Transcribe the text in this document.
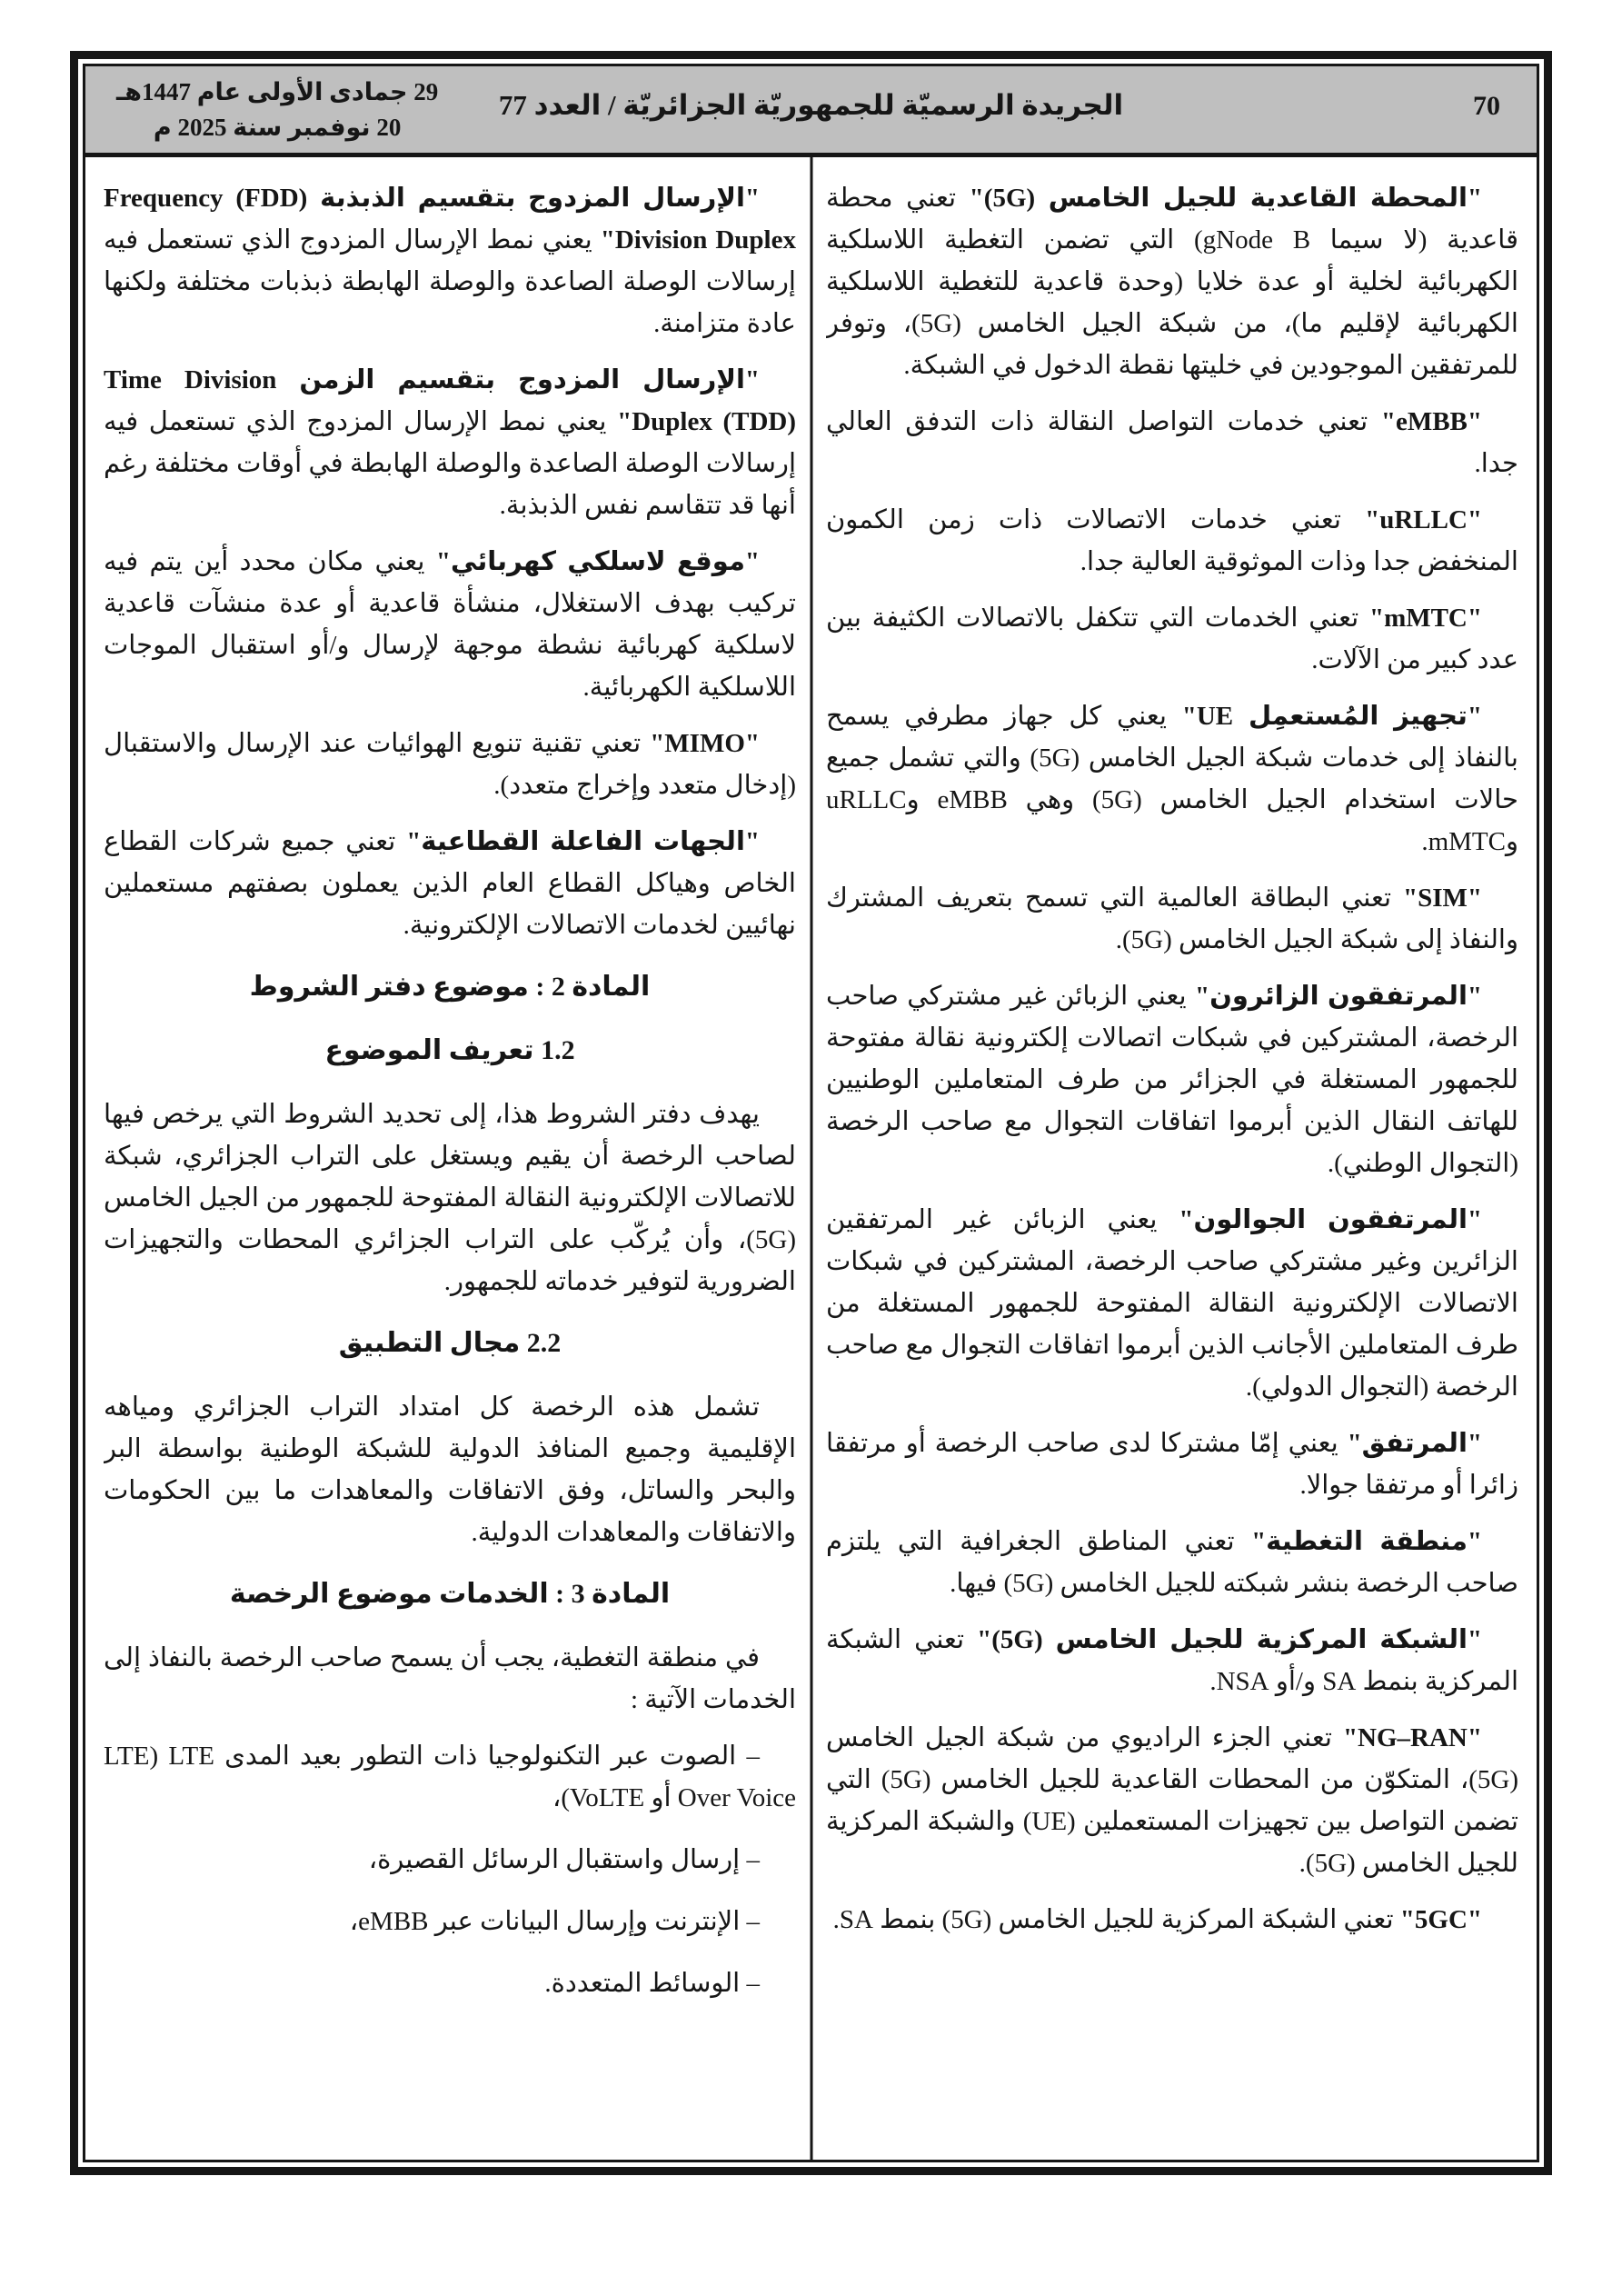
29 جمادى الأولى عام 1447هـ
20 نوفمبر سنة 2025 م
الجريدة الرسميّة للجمهوريّة الجزائريّة / العدد 77	70

"المحطة القاعدية للجيل الخامس (5G)" تعني محطة قاعدية (لا سيما gNode B) التي تضمن التغطية اللاسلكية الكهربائية لخلية أو عدة خلايا (وحدة قاعدية للتغطية اللاسلكية الكهربائية لإقليم ما)، من شبكة الجيل الخامس (5G)، وتوفر للمرتفقين الموجودين في خليتها نقطة الدخول في الشبكة.

"eMBB" تعني خدمات التواصل النقالة ذات التدفق العالي جدا.

"uRLLC" تعني خدمات الاتصالات ذات زمن الكمون المنخفض جدا وذات الموثوقية العالية جدا.

"mMTC" تعني الخدمات التي تتكفل بالاتصالات الكثيفة بين عدد كبير من الآلات.

"تجهيز المُستعمِل UE" يعني كل جهاز مطرفي يسمح بالنفاذ إلى خدمات شبكة الجيل الخامس (5G) والتي تشمل جميع حالات استخدام الجيل الخامس (5G) وهي eMBB وuRLLC وmMTC.

"SIM" تعني البطاقة العالمية التي تسمح بتعريف المشترك والنفاذ إلى شبكة الجيل الخامس (5G).

"المرتفقون الزائرون" يعني الزبائن غير مشتركي صاحب الرخصة، المشتركين في شبكات اتصالات إلكترونية نقالة مفتوحة للجمهور المستغلة في الجزائر من طرف المتعاملين الوطنيين للهاتف النقال الذين أبرموا اتفاقات التجوال مع صاحب الرخصة (التجوال الوطني).

"المرتفقون الجوالون" يعني الزبائن غير المرتفقين الزائرين وغير مشتركي صاحب الرخصة، المشتركين في شبكات الاتصالات الإلكترونية النقالة المفتوحة للجمهور المستغلة من طرف المتعاملين الأجانب الذين أبرموا اتفاقات التجوال مع صاحب الرخصة (التجوال الدولي).

"المرتفق" يعني إمّا مشتركا لدى صاحب الرخصة أو مرتفقا زائرا أو مرتفقا جوالا.

"منطقة التغطية" تعني المناطق الجغرافية التي يلتزم صاحب الرخصة بنشر شبكته للجيل الخامس (5G) فيها.

"الشبكة المركزية للجيل الخامس (5G)" تعني الشبكة المركزية بنمط SA و/أو NSA.

"NG–RAN" تعني الجزء الراديوي من شبكة الجيل الخامس (5G)، المتكوّن من المحطات القاعدية للجيل الخامس (5G) التي تضمن التواصل بين تجهيزات المستعملين (UE) والشبكة المركزية للجيل الخامس (5G).

"5GC" تعني الشبكة المركزية للجيل الخامس (5G) بنمط SA.

"الإرسال المزدوج بتقسيم الذبذبة (FDD) Frequency Division Duplex" يعني نمط الإرسال المزدوج الذي تستعمل فيه إرسالات الوصلة الصاعدة والوصلة الهابطة ذبذبات مختلفة ولكنها عادة متزامنة.

"الإرسال المزدوج بتقسيم الزمن Time Division Duplex (TDD)" يعني نمط الإرسال المزدوج الذي تستعمل فيه إرسالات الوصلة الصاعدة والوصلة الهابطة في أوقات مختلفة رغم أنها قد تتقاسم نفس الذبذبة.

"موقع لاسلكي كهربائي" يعني مكان محدد أين يتم فيه تركيب بهدف الاستغلال، منشأة قاعدية أو عدة منشآت قاعدية لاسلكية كهربائية نشطة موجهة لإرسال و/أو استقبال الموجات اللاسلكية الكهربائية.

"MIMO" تعني تقنية تنويع الهوائيات عند الإرسال والاستقبال (إدخال متعدد وإخراج متعدد).

"الجهات الفاعلة القطاعية" تعني جميع شركات القطاع الخاص وهياكل القطاع العام الذين يعملون بصفتهم مستعملين نهائيين لخدمات الاتصالات الإلكترونية.

المادة 2 : موضوع دفتر الشروط

1.2 تعريف الموضوع

يهدف دفتر الشروط هذا، إلى تحديد الشروط التي يرخص فيها لصاحب الرخصة أن يقيم ويستغل على التراب الجزائري، شبكة للاتصالات الإلكترونية النقالة المفتوحة للجمهور من الجيل الخامس (5G)، وأن يُركّب على التراب الجزائري المحطات والتجهيزات الضرورية لتوفير خدماته للجمهور.

2.2 مجال التطبيق

تشمل هذه الرخصة كل امتداد التراب الجزائري ومياهه الإقليمية وجميع المنافذ الدولية للشبكة الوطنية بواسطة البر والبحر والساتل، وفق الاتفاقات والمعاهدات ما بين الحكومات والاتفاقات والمعاهدات الدولية.

المادة 3 : الخدمات موضوع الرخصة

في منطقة التغطية، يجب أن يسمح صاحب الرخصة بالنفاذ إلى الخدمات الآتية :

– الصوت عبر التكنولوجيا ذات التطور بعيد المدى LTE (LTE Over Voice أو VoLTE)،

– إرسال واستقبال الرسائل القصيرة،

– الإنترنت وإرسال البيانات عبر eMBB،

– الوسائط المتعددة.
